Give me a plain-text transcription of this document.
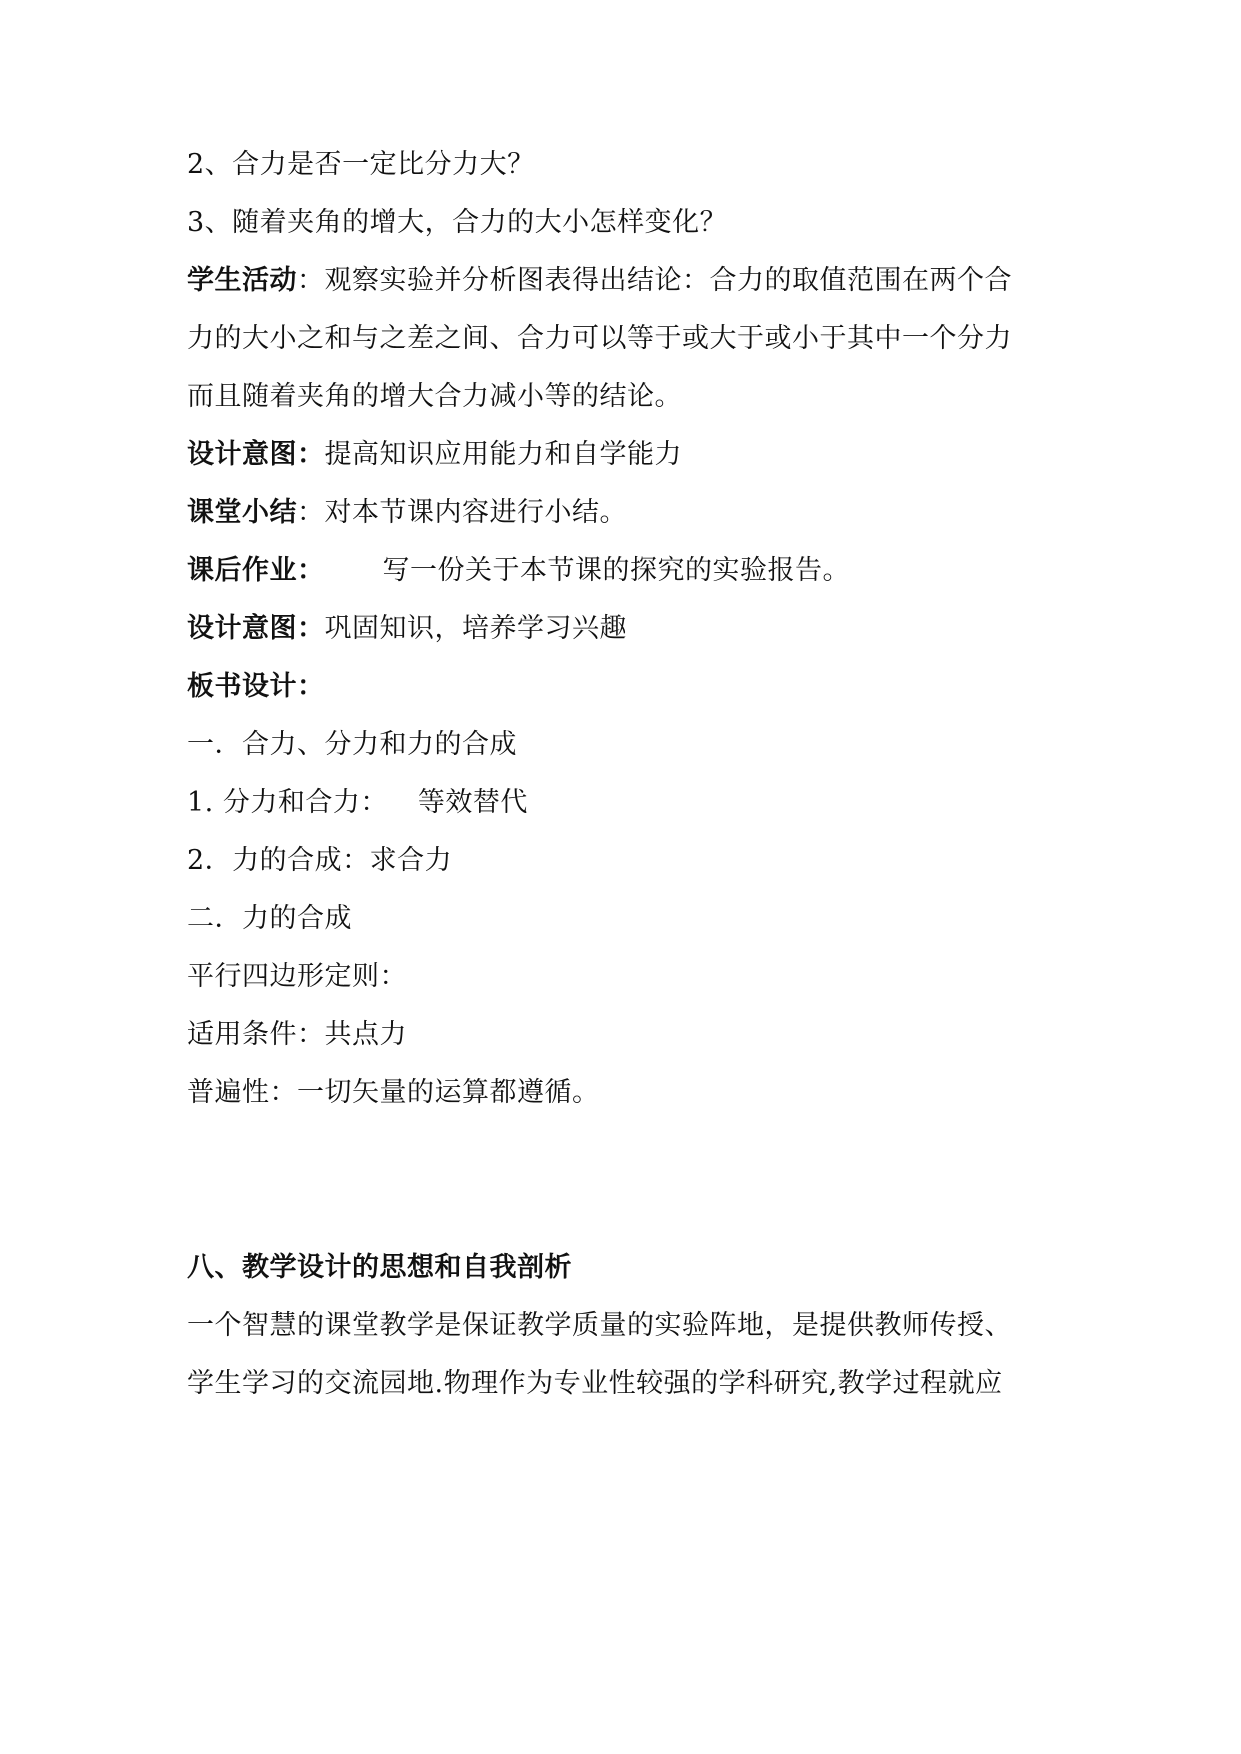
2、合力是否一定比分力大？
3、随着夹角的增大，合力的大小怎样变化？
学生活动：观察实验并分析图表得出结论：合力的取值范围在两个合
力的大小之和与之差之间、合力可以等于或大于或小于其中一个分力
而且随着夹角的增大合力减小等的结论。
设计意图：提高知识应用能力和自学能力
课堂小结：对本节课内容进行小结。
课后作业： 写一份关于本节课的探究的实验报告。
设计意图：巩固知识，培养学习兴趣
板书设计：
一．合力、分力和力的合成
1. 分力和合力： 等效替代
2．力的合成：求合力
二．力的合成
平行四边形定则：
适用条件：共点力
普遍性：一切矢量的运算都遵循。
八、教学设计的思想和自我剖析
一个智慧的课堂教学是保证教学质量的实验阵地，是提供教师传授、
学生学习的交流园地.物理作为专业性较强的学科研究,教学过程就应
